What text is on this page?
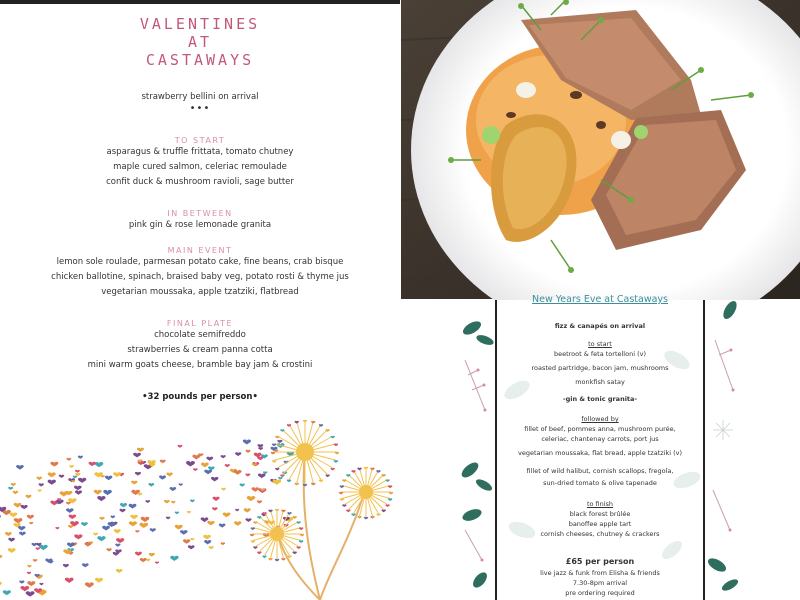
VALENTINES
AT
CASTAWAYS
strawberry bellini on arrival
•••
TO START
asparagus & truffle frittata, tomato chutney
maple cured salmon, celeriac remoulade
confit duck & mushroom ravioli, sage butter
IN BETWEEN
pink gin & rose lemonade granita
MAIN EVENT
lemon sole roulade, parmesan potato cake, fine beans, crab bisque
chicken ballotine, spinach, braised baby veg, potato rosti & thyme jus
vegetarian moussaka, apple tzatziki, flatbread
FINAL PLATE
chocolate semifreddo
strawberries & cream panna cotta
mini warm goats cheese, bramble bay jam & crostini
•32 pounds per person•
New Years Eve at Castaways
fizz & canapés on arrival
to start
beetroot & feta tortelloni (v)
roasted partridge, bacon jam, mushrooms
monkfish satay
-gin & tonic granita-
followed by
fillet of beef, pommes anna, mushroom purée,
celeriac, chantenay carrots, port jus
vegetarian moussaka, flat bread, apple tzatziki (v)
fillet of wild halibut, cornish scallops, fregola,
sun-dried tomato & olive tapenade
to finish
black forest brûlée
banoffee apple tart
cornish cheeses, chutney & crackers
£65 per person
live jazz & funk from Elisha & friends
7.30-8pm arrival
pre ordering required
